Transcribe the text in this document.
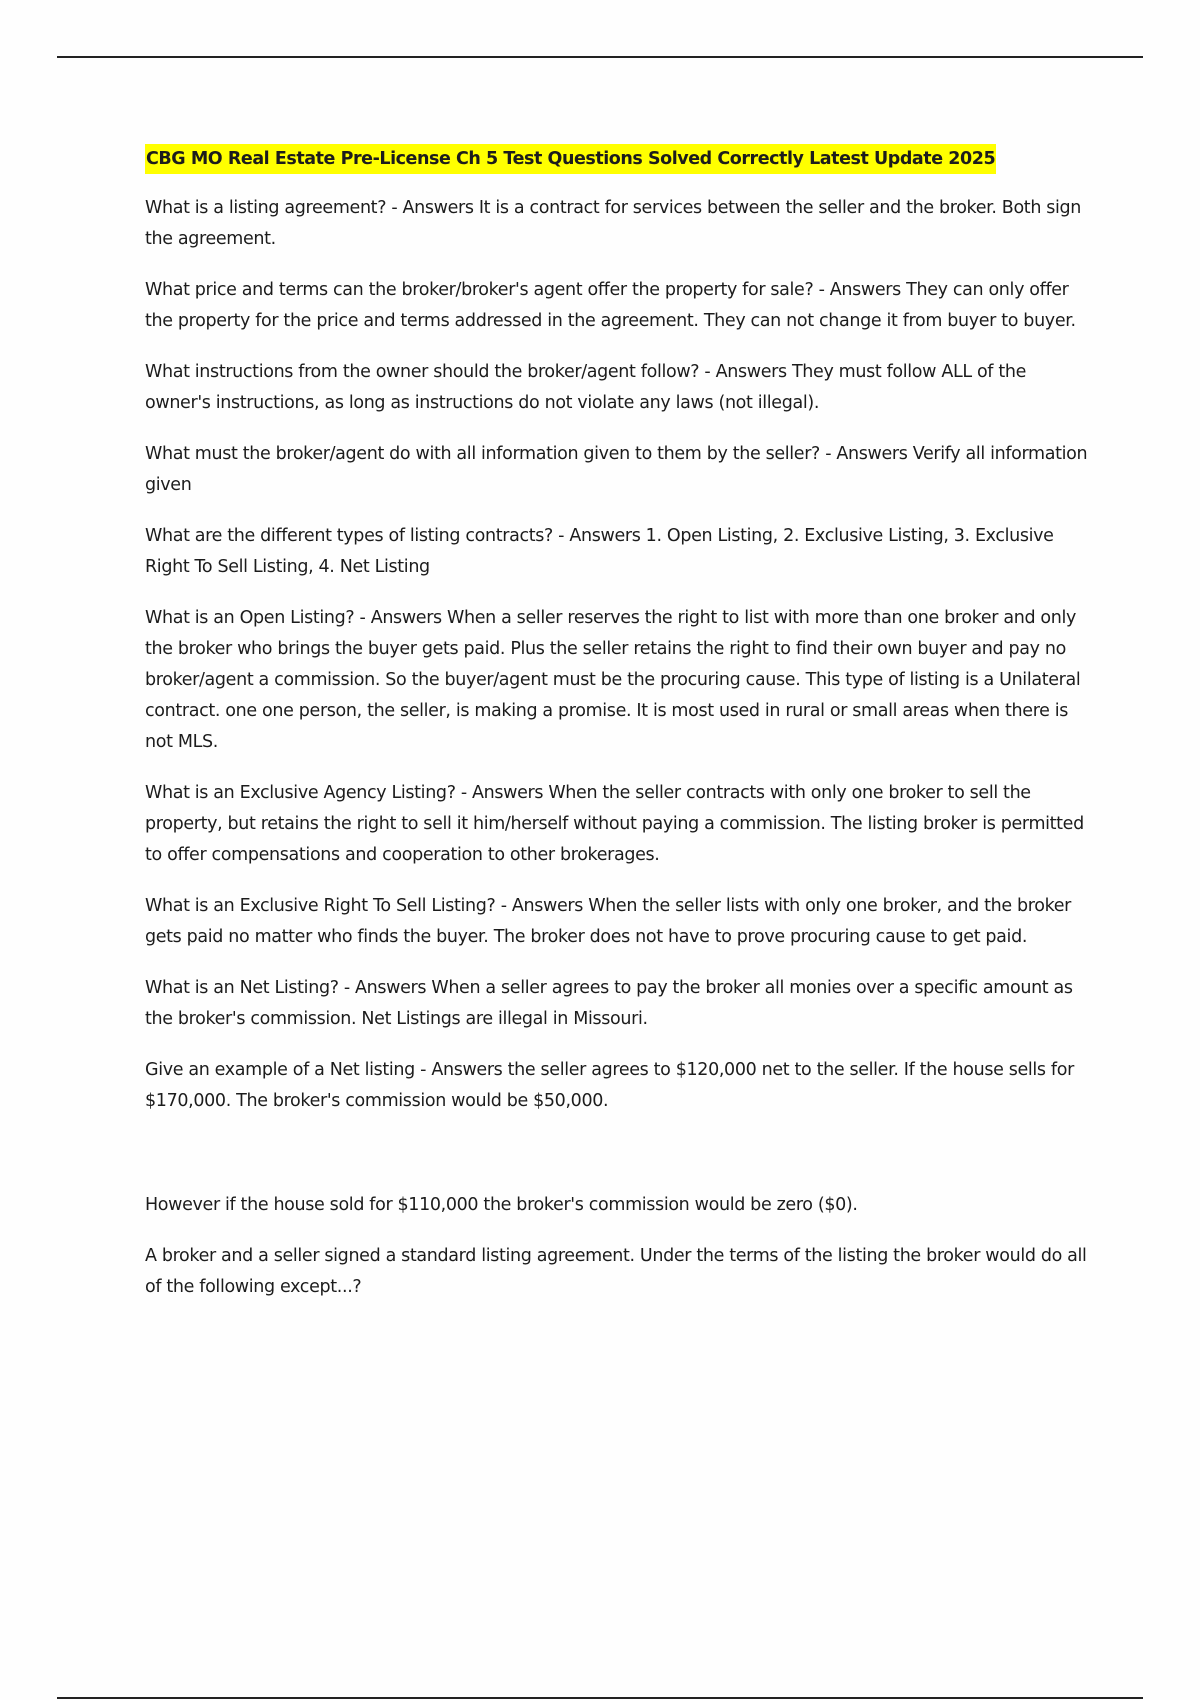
CBG MO Real Estate Pre-License Ch 5 Test Questions Solved Correctly Latest Update 2025

What is a listing agreement? - Answers It is a contract for services between the seller and the broker. Both sign the agreement.

What price and terms can the broker/broker's agent offer the property for sale? - Answers They can only offer the property for the price and terms addressed in the agreement. They can not change it from buyer to buyer.

What instructions from the owner should the broker/agent follow? - Answers They must follow ALL of the owner's instructions, as long as instructions do not violate any laws (not illegal).

What must the broker/agent do with all information given to them by the seller? - Answers Verify all information given

What are the different types of listing contracts? - Answers 1. Open Listing, 2. Exclusive Listing, 3. Exclusive Right To Sell Listing, 4. Net Listing

What is an Open Listing? - Answers When a seller reserves the right to list with more than one broker and only the broker who brings the buyer gets paid. Plus the seller retains the right to find their own buyer and pay no broker/agent a commission. So the buyer/agent must be the procuring cause. This type of listing is a Unilateral contract. one one person, the seller, is making a promise. It is most used in rural or small areas when there is not MLS.

What is an Exclusive Agency Listing? - Answers When the seller contracts with only one broker to sell the property, but retains the right to sell it him/herself without paying a commission. The listing broker is permitted to offer compensations and cooperation to other brokerages.

What is an Exclusive Right To Sell Listing? - Answers When the seller lists with only one broker, and the broker gets paid no matter who finds the buyer. The broker does not have to prove procuring cause to get paid.

What is an Net Listing? - Answers When a seller agrees to pay the broker all monies over a specific amount as the broker's commission. Net Listings are illegal in Missouri.

Give an example of a Net listing - Answers the seller agrees to $120,000 net to the seller. If the house sells for $170,000. The broker's commission would be $50,000.

However if the house sold for $110,000 the broker's commission would be zero ($0).

A broker and a seller signed a standard listing agreement. Under the terms of the listing the broker would do all of the following except...?
